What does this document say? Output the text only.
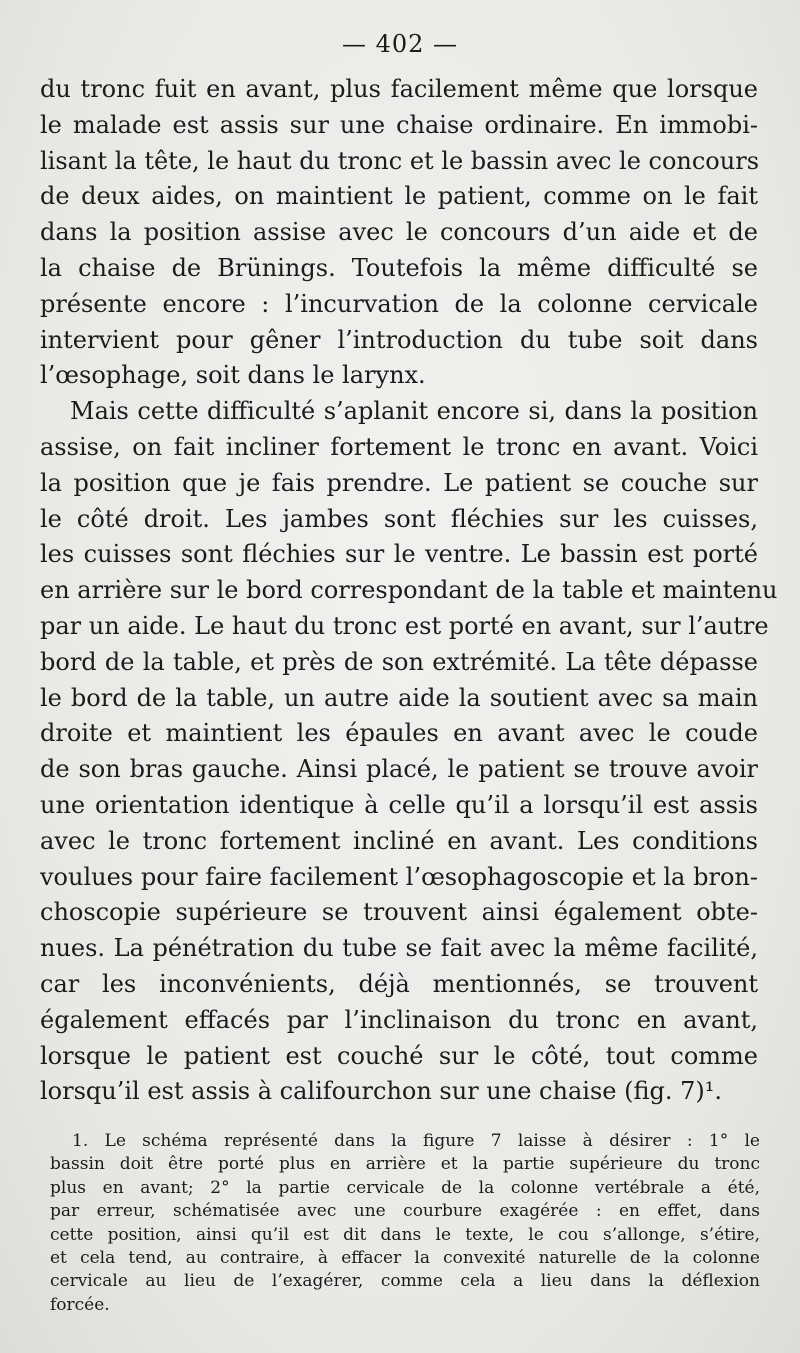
— 402 —
du tronc fuit en avant, plus facilement même que lorsque
le malade est assis sur une chaise ordinaire. En immobi-
lisant la tête, le haut du tronc et le bassin avec le concours
de deux aides, on maintient le patient, comme on le fait
dans la position assise avec le concours d’un aide et de
la chaise de Brünings. Toutefois la même difficulté se
présente encore : l’incurvation de la colonne cervicale
intervient pour gêner l’introduction du tube soit dans
l’œsophage, soit dans le larynx.
Mais cette difficulté s’aplanit encore si, dans la position
assise, on fait incliner fortement le tronc en avant. Voici
la position que je fais prendre. Le patient se couche sur
le côté droit. Les jambes sont fléchies sur les cuisses,
les cuisses sont fléchies sur le ventre. Le bassin est porté
en arrière sur le bord correspondant de la table et maintenu
par un aide. Le haut du tronc est porté en avant, sur l’autre
bord de la table, et près de son extrémité. La tête dépasse
le bord de la table, un autre aide la soutient avec sa main
droite et maintient les épaules en avant avec le coude
de son bras gauche. Ainsi placé, le patient se trouve avoir
une orientation identique à celle qu’il a lorsqu’il est assis
avec le tronc fortement incliné en avant. Les conditions
voulues pour faire facilement l’œsophagoscopie et la bron-
choscopie supérieure se trouvent ainsi également obte-
nues. La pénétration du tube se fait avec la même facilité,
car les inconvénients, déjà mentionnés, se trouvent
également effacés par l’inclinaison du tronc en avant,
lorsque le patient est couché sur le côté, tout comme
lorsqu’il est assis à califourchon sur une chaise (fig. 7)¹.
1. Le schéma représenté dans la figure 7 laisse à désirer : 1° le
bassin doit être porté plus en arrière et la partie supérieure du tronc
plus en avant; 2° la partie cervicale de la colonne vertébrale a été,
par erreur, schématisée avec une courbure exagérée : en effet, dans
cette position, ainsi qu’il est dit dans le texte, le cou s’allonge, s’étire,
et cela tend, au contraire, à effacer la convexité naturelle de la colonne
cervicale au lieu de l’exagérer, comme cela a lieu dans la déflexion
forcée.
